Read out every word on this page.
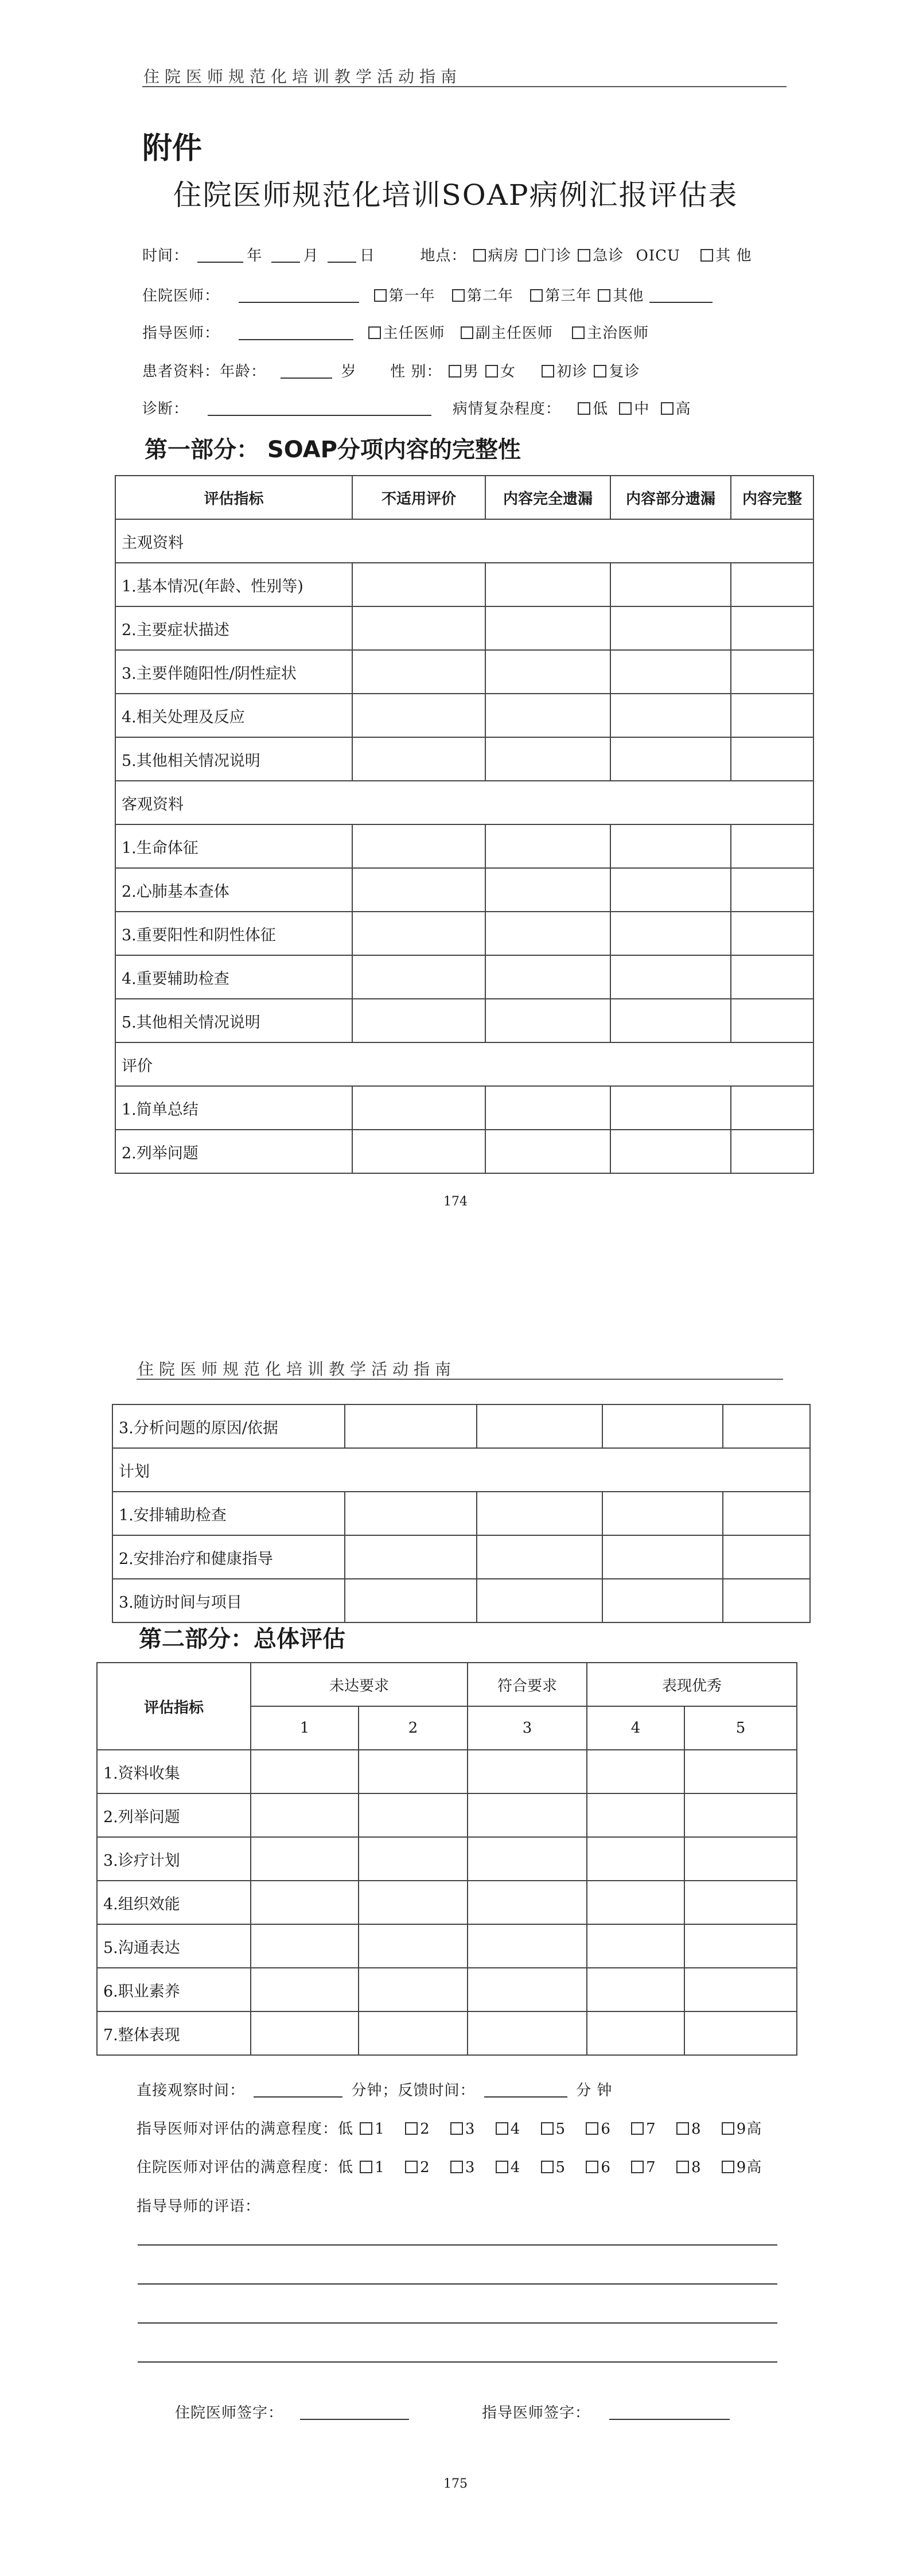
住院医师规范化培训教学活动指南
附件
住院医师规范化培训SOAP病例汇报评估表
时间：	年	月	日	地点： 病房 门诊 急诊 OICU 其 他
住院医师：	第一年 第二年 第三年 其他
指导医师：	主任医师 副主任医师 主治医师
患者资料：年龄：	岁 性 别： 男 女	初诊 复诊
诊断：	病情复杂程度： 低 中 高
第一部分： SOAP分项内容的完整性
评估指标	不适用评价	内容完全遗漏	内容部分遗漏	内容完整
主观资料				
1.基本情况(年龄、性别等)				
2.主要症状描述				
3.主要伴随阳性/阴性症状				
4.相关处理及反应				
5.其他相关情况说明				
客观资料				
1.生命体征				
2.心肺基本查体				
3.重要阳性和阴性体征				
4.重要辅助检查				
5.其他相关情况说明				
评价				
1.简单总结				
2.列举问题				
174
住院医师规范化培训教学活动指南
3.分析问题的原因/依据				
计划				
1.安排辅助检查				
2.安排治疗和健康指导				
3.随访时间与项目				
第二部分：总体评估
评估指标	未达要求		符合要求	表现优秀	
	1	2	3	4	5
1.资料收集					
2.列举问题					
3.诊疗计划					
4.组织效能					
5.沟通表达					
6.职业素养					
7.整体表现					
直接观察时间：	分钟；反馈时间：	分 钟
指导医师对评估的满意程度：低 1 2 3 4 5 6 7 8 9高
住院医师对评估的满意程度：低 1 2 3 4 5 6 7 8 9高
指导导师的评语：
住院医师签字：	指导医师签字：
175
